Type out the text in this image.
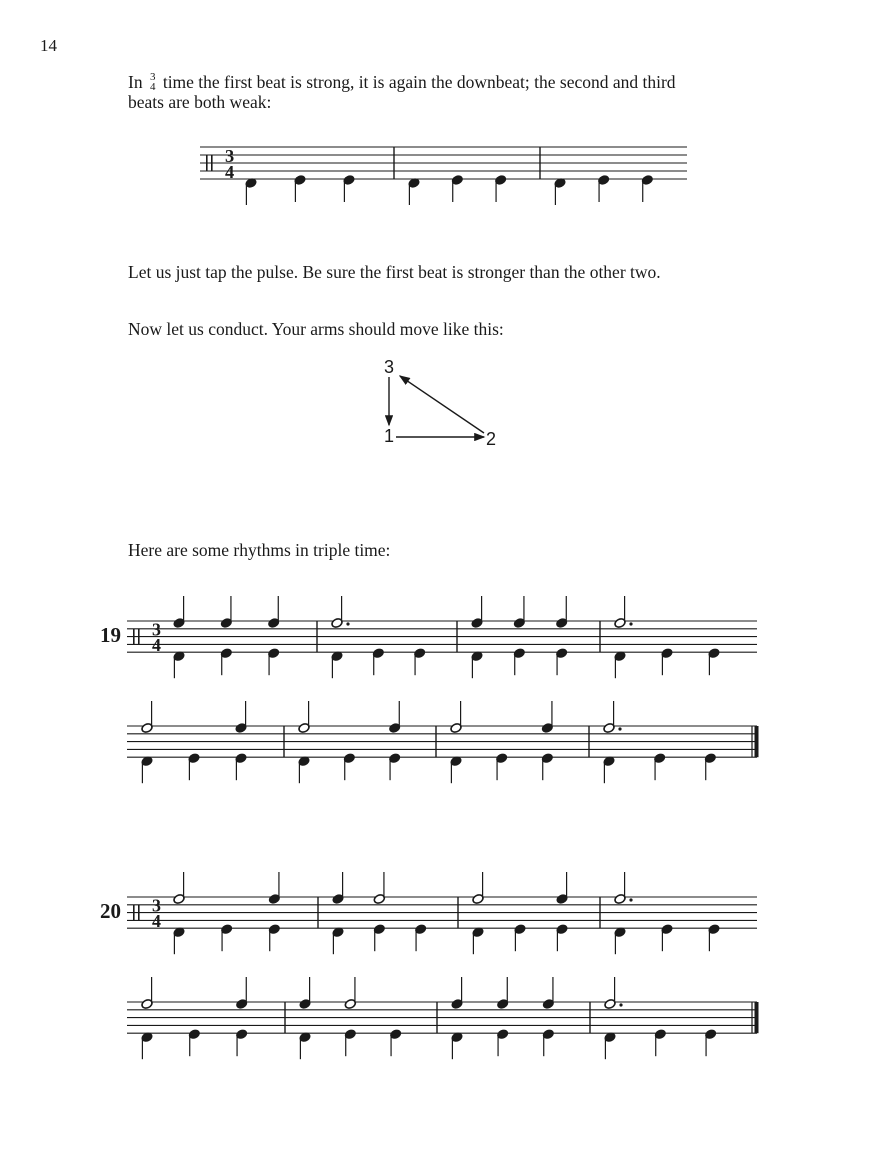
14
In 3
4 time the first beat is strong, it is again the downbeat; the second and third
beats are both weak:
Let us just tap the pulse. Be sure the first beat is stronger than the other two.
Now let us conduct. Your arms should move like this:
Here are some rhythms in triple time:
3
1	2
19
20
3
4
3
4
3
4
